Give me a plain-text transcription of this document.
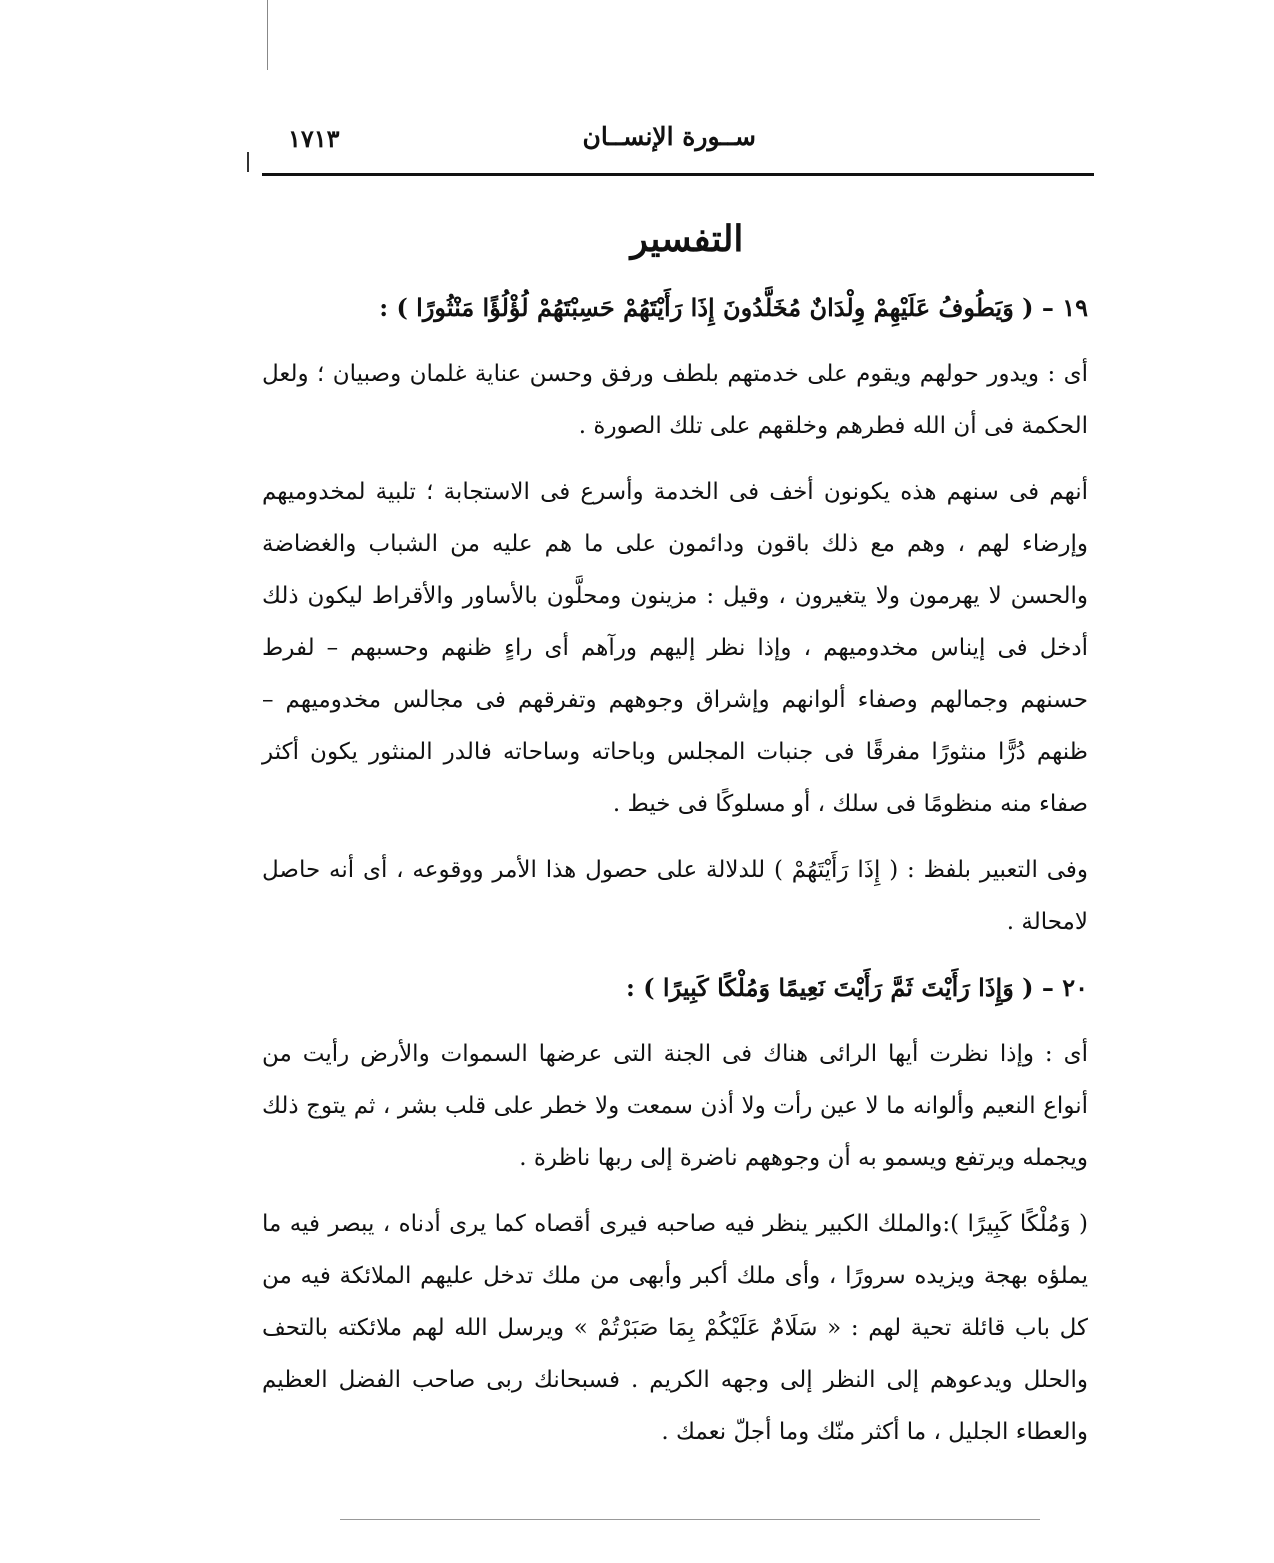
ســورة الإنســان
١٧١٣
التفسير
١٩ – ( وَيَطُوفُ عَلَيْهِمْ وِلْدَانٌ مُخَلَّدُونَ إِذَا رَأَيْتَهُمْ حَسِبْتَهُمْ لُؤْلُؤًا مَنْثُورًا ) :

أى : ويدور حولهم ويقوم على خدمتهم بلطف ورفق وحسن عناية غلمان وصبيان ؛ ولعل الحكمة فى أن الله فطرهم وخلقهم على تلك الصورة .

أنهم فى سنهم هذه يكونون أخف فى الخدمة وأسرع فى الاستجابة ؛ تلبية لمخدوميهم وإرضاء لهم ، وهم مع ذلك باقون ودائمون على ما هم عليه من الشباب والغضاضة والحسن لا يهرمون ولا يتغيرون ، وقيل : مزينون ومحلَّون بالأساور والأقراط ليكون ذلك أدخل فى إيناس مخدوميهم ، وإذا نظر إليهم ورآهم أى راءٍ ظنهم وحسبهم – لفرط حسنهم وجمالهم وصفاء ألوانهم وإشراق وجوههم وتفرقهم فى مجالس مخدوميهم – ظنهم دُرًّا منثورًا مفرقًا فى جنبات المجلس وباحاته وساحاته فالدر المنثور يكون أكثر صفاء منه منظومًا فى سلك ، أو مسلوكًا فى خيط .

وفى التعبير بلفظ : ( إِذَا رَأَيْتَهُمْ ) للدلالة على حصول هذا الأمر ووقوعه ، أى أنه حاصل لامحالة .

٢٠ – ( وَإِذَا رَأَيْتَ ثَمَّ رَأَيْتَ نَعِيمًا وَمُلْكًا كَبِيرًا ) :

أى : وإذا نظرت أيها الرائى هناك فى الجنة التى عرضها السموات والأرض رأيت من أنواع النعيم وألوانه ما لا عين رأت ولا أذن سمعت ولا خطر على قلب بشر ، ثم يتوج ذلك ويجمله ويرتفع ويسمو به أن وجوههم ناضرة إلى ربها ناظرة .

( وَمُلْكًا كَبِيرًا ):والملك الكبير ينظر فيه صاحبه فيرى أقصاه كما يرى أدناه ، يبصر فيه ما يملؤه بهجة ويزيده سرورًا ، وأى ملك أكبر وأبهى من ملك تدخل عليهم الملائكة فيه من كل باب قائلة تحية لهم : « سَلَامٌ عَلَيْكُمْ بِمَا صَبَرْتُمْ » ويرسل الله لهم ملائكته بالتحف والحلل ويدعوهم إلى النظر إلى وجهه الكريم . فسبحانك ربى صاحب الفضل العظيم والعطاء الجليل ، ما أكثر منّك وما أجلّ نعمك .
